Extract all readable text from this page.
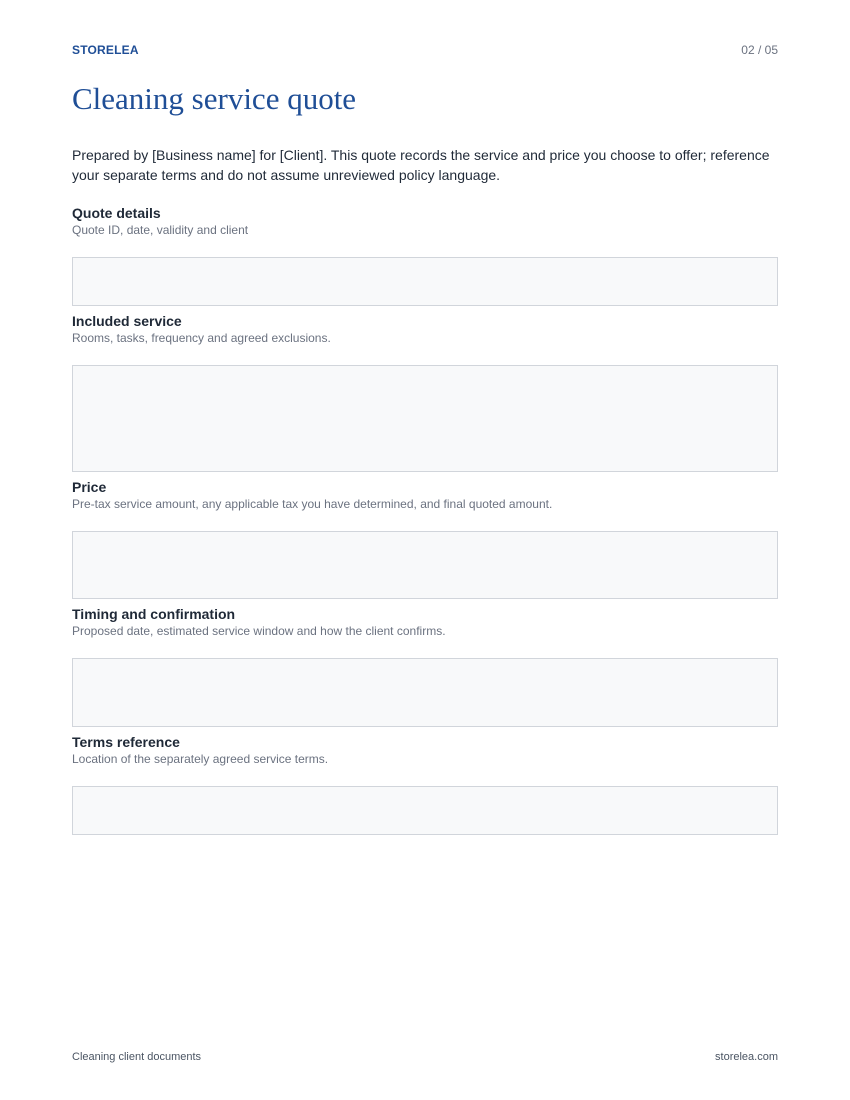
STORELEA	02 / 05
Cleaning service quote

Prepared by [Business name] for [Client]. This quote records the service and price you choose to offer; reference your separate terms and do not assume unreviewed policy language.

Quote details

Quote ID, date, validity and client

Included service

Rooms, tasks, frequency and agreed exclusions.

Price

Pre-tax service amount, any applicable tax you have determined, and final quoted amount.

Timing and confirmation

Proposed date, estimated service window and how the client confirms.

Terms reference

Location of the separately agreed service terms.

Cleaning client documents	storelea.com
